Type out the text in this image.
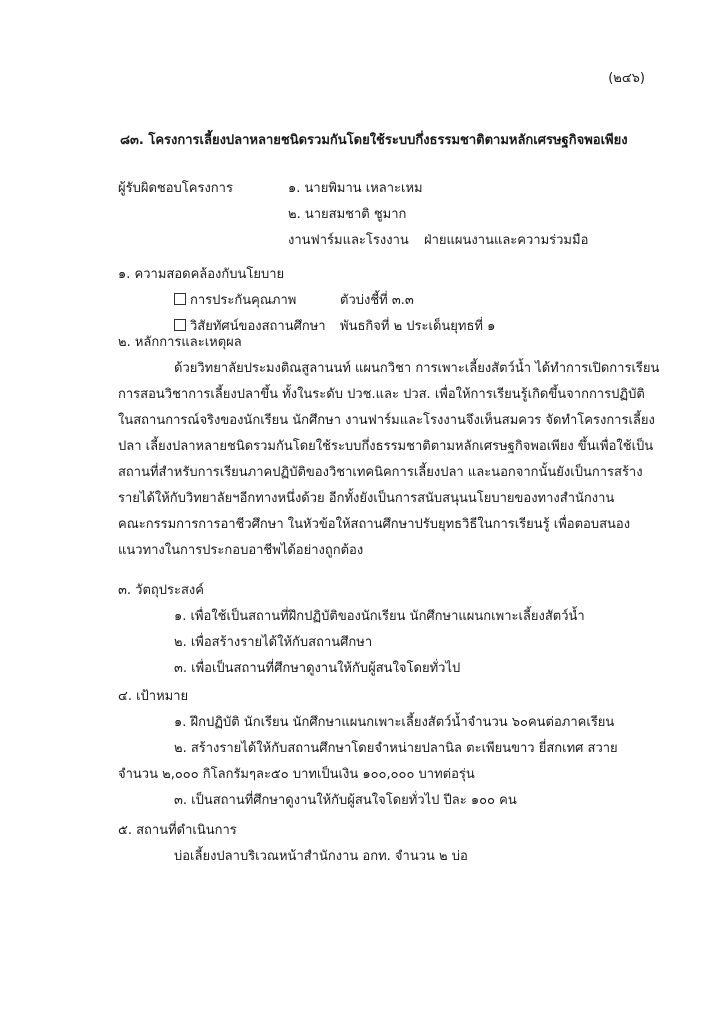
(๒๔๖)
๘๓. โครงการเลี้ยงปลาหลายชนิดรวมกันโดยใช้ระบบกึ่งธรรมชาติตามหลักเศรษฐกิจพอเพียง
ผู้รับผิดชอบโครงการ	๑. นายพิมาน เหลาะเหม
๒. นายสมชาติ ชูมาก
งานฟาร์มและโรงงาน ฝ่ายแผนงานและความร่วมมือ
๑. ความสอดคล้องกับนโยบาย
การประกันคุณภาพ	ตัวบ่งชี้ที่ ๓.๓
วิสัยทัศน์ของสถานศึกษา พันธกิจที่ ๒ ประเด็นยุทธที่ ๑
๒. หลักการและเหตุผล
ด้วยวิทยาลัยประมงติณสูลานนท์ แผนกวิชา การเพาะเลี้ยงสัตว์น้ำ ได้ทำการเปิดการเรียน
การสอนวิชาการเลี้ยงปลาขึ้น ทั้งในระดับ ปวช.และ ปวส. เพื่อให้การเรียนรู้เกิดขึ้นจากการปฏิบัติ
ในสถานการณ์จริงของนักเรียน นักศึกษา งานฟาร์มและโรงงานจึงเห็นสมควร จัดทำโครงการเลี้ยง
ปลา เลี้ยงปลาหลายชนิดรวมกันโดยใช้ระบบกึ่งธรรมชาติตามหลักเศรษฐกิจพอเพียง ขึ้นเพื่อใช้เป็น
สถานที่สำหรับการเรียนภาคปฏิบัติของวิชาเทคนิคการเลี้ยงปลา และนอกจากนั้นยังเป็นการสร้าง
รายได้ให้กับวิทยาลัยฯอีกทางหนึ่งด้วย อีกทั้งยังเป็นการสนับสนุนนโยบายของทางสำนักงาน
คณะกรรมการการอาชีวศึกษา ในหัวข้อให้สถานศึกษาปรับยุทธวิธีในการเรียนรู้ เพื่อตอบสนอง
แนวทางในการประกอบอาชีพได้อย่างถูกต้อง
๓. วัตถุประสงค์
๑. เพื่อใช้เป็นสถานที่ฝึกปฏิบัติของนักเรียน นักศึกษาแผนกเพาะเลี้ยงสัตว์น้ำ
๒. เพื่อสร้างรายได้ให้กับสถานศึกษา
๓. เพื่อเป็นสถานที่ศึกษาดูงานให้กับผู้สนใจโดยทั่วไป
๔. เป้าหมาย
๑. ฝึกปฏิบัติ นักเรียน นักศึกษาแผนกเพาะเลี้ยงสัตว์น้ำจำนวน ๖๐คนต่อภาคเรียน
๒. สร้างรายได้ให้กับสถานศึกษาโดยจำหน่ายปลานิล ตะเพียนขาว ยี่สกเทศ สวาย
จำนวน ๒,๐๐๐ กิโลกรัมๆละ๕๐ บาทเป็นเงิน ๑๐๐,๐๐๐ บาทต่อรุ่น
๓. เป็นสถานที่ศึกษาดูงานให้กับผู้สนใจโดยทั่วไป ปีละ ๑๐๐ คน
๕. สถานที่ดำเนินการ
บ่อเลี้ยงปลาบริเวณหน้าสำนักงาน อกท. จำนวน ๒ บ่อ
